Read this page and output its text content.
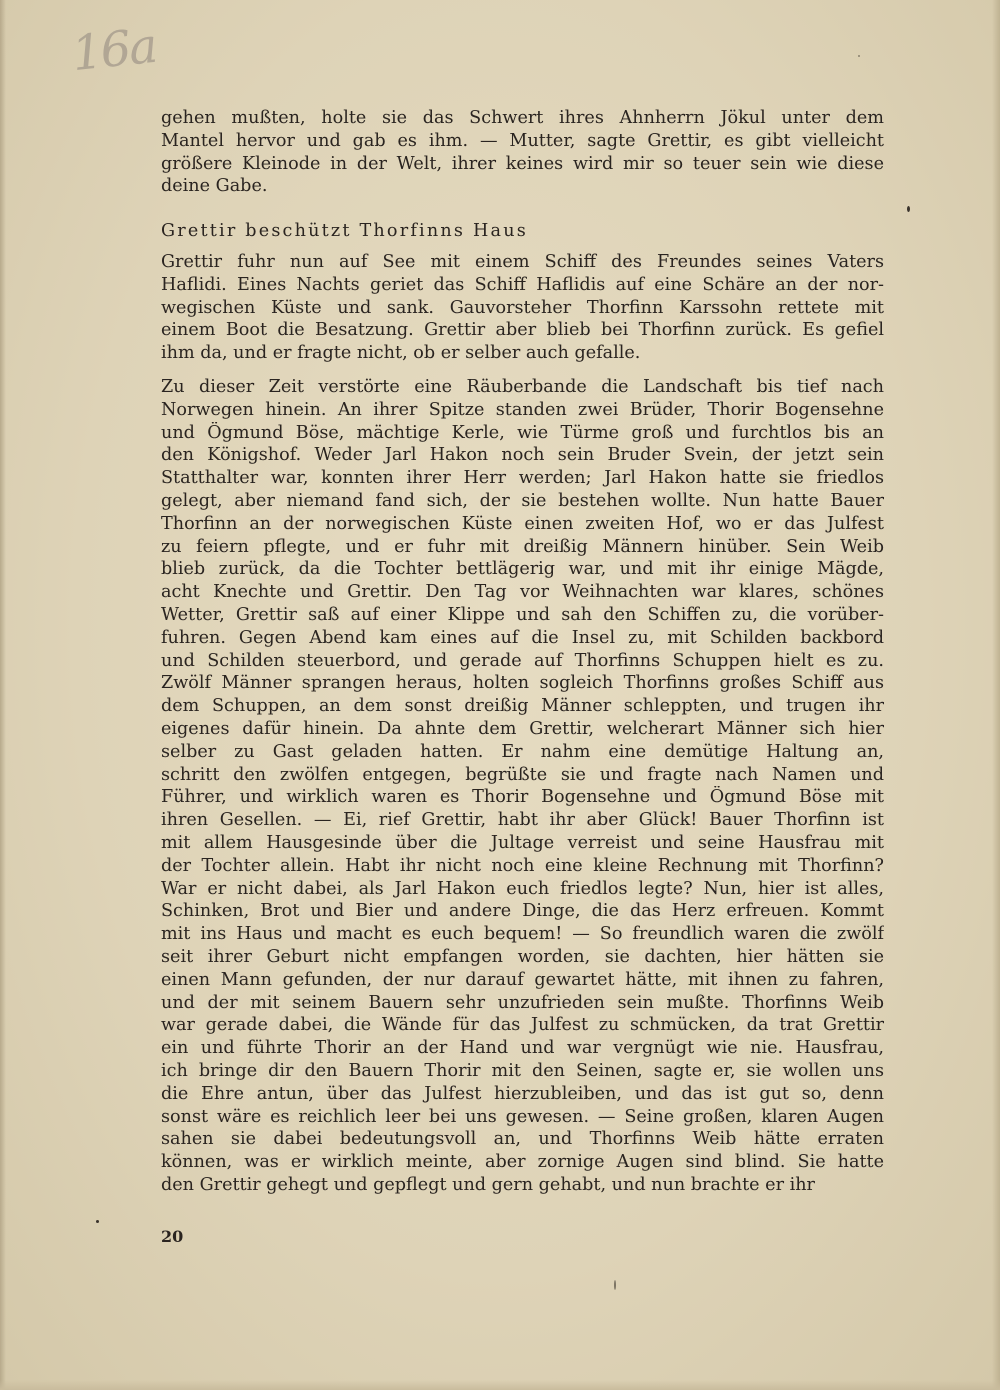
16a
gehen mußten, holte sie das Schwert ihres Ahnherrn Jökul unter dem
Mantel hervor und gab es ihm. — Mutter, sagte Grettir, es gibt vielleicht
größere Kleinode in der Welt, ihrer keines wird mir so teuer sein wie diese
deine Gabe.
Grettir beschützt Thorfinns Haus
Grettir fuhr nun auf See mit einem Schiff des Freundes seines Vaters
Haflidi. Eines Nachts geriet das Schiff Haflidis auf eine Schäre an der nor-
wegischen Küste und sank. Gauvorsteher Thorfinn Karssohn rettete mit
einem Boot die Besatzung. Grettir aber blieb bei Thorfinn zurück. Es gefiel
ihm da, und er fragte nicht, ob er selber auch gefalle.
Zu dieser Zeit verstörte eine Räuberbande die Landschaft bis tief nach
Norwegen hinein. An ihrer Spitze standen zwei Brüder, Thorir Bogensehne
und Ögmund Böse, mächtige Kerle, wie Türme groß und furchtlos bis an
den Königshof. Weder Jarl Hakon noch sein Bruder Svein, der jetzt sein
Statthalter war, konnten ihrer Herr werden; Jarl Hakon hatte sie friedlos
gelegt, aber niemand fand sich, der sie bestehen wollte. Nun hatte Bauer
Thorfinn an der norwegischen Küste einen zweiten Hof, wo er das Julfest
zu feiern pflegte, und er fuhr mit dreißig Männern hinüber. Sein Weib
blieb zurück, da die Tochter bettlägerig war, und mit ihr einige Mägde,
acht Knechte und Grettir. Den Tag vor Weihnachten war klares, schönes
Wetter, Grettir saß auf einer Klippe und sah den Schiffen zu, die vorüber-
fuhren. Gegen Abend kam eines auf die Insel zu, mit Schilden backbord
und Schilden steuerbord, und gerade auf Thorfinns Schuppen hielt es zu.
Zwölf Männer sprangen heraus, holten sogleich Thorfinns großes Schiff aus
dem Schuppen, an dem sonst dreißig Männer schleppten, und trugen ihr
eigenes dafür hinein. Da ahnte dem Grettir, welcherart Männer sich hier
selber zu Gast geladen hatten. Er nahm eine demütige Haltung an,
schritt den zwölfen entgegen, begrüßte sie und fragte nach Namen und
Führer, und wirklich waren es Thorir Bogensehne und Ögmund Böse mit
ihren Gesellen. — Ei, rief Grettir, habt ihr aber Glück! Bauer Thorfinn ist
mit allem Hausgesinde über die Jultage verreist und seine Hausfrau mit
der Tochter allein. Habt ihr nicht noch eine kleine Rechnung mit Thorfinn?
War er nicht dabei, als Jarl Hakon euch friedlos legte? Nun, hier ist alles,
Schinken, Brot und Bier und andere Dinge, die das Herz erfreuen. Kommt
mit ins Haus und macht es euch bequem! — So freundlich waren die zwölf
seit ihrer Geburt nicht empfangen worden, sie dachten, hier hätten sie
einen Mann gefunden, der nur darauf gewartet hätte, mit ihnen zu fahren,
und der mit seinem Bauern sehr unzufrieden sein mußte. Thorfinns Weib
war gerade dabei, die Wände für das Julfest zu schmücken, da trat Grettir
ein und führte Thorir an der Hand und war vergnügt wie nie. Hausfrau,
ich bringe dir den Bauern Thorir mit den Seinen, sagte er, sie wollen uns
die Ehre antun, über das Julfest hierzubleiben, und das ist gut so, denn
sonst wäre es reichlich leer bei uns gewesen. — Seine großen, klaren Augen
sahen sie dabei bedeutungsvoll an, und Thorfinns Weib hätte erraten
können, was er wirklich meinte, aber zornige Augen sind blind. Sie hatte
den Grettir gehegt und gepflegt und gern gehabt, und nun brachte er ihr
20
